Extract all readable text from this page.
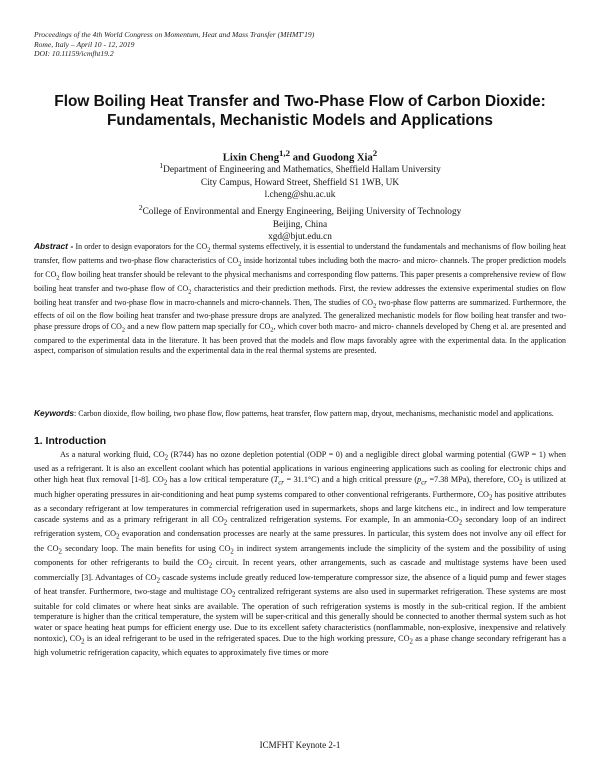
Proceedings of the 4th World Congress on Momentum, Heat and Mass Transfer (MHMT'19)
Rome, Italy – April 10 - 12, 2019
DOI: 10.11159/icmfht19.2
Flow Boiling Heat Transfer and Two-Phase Flow of Carbon Dioxide:
Fundamentals, Mechanistic Models and Applications
Lixin Cheng$^{1,2}$ and Guodong Xia$^2$
$^1$Department of Engineering and Mathematics, Sheffield Hallam University
City Campus, Howard Street, Sheffield S1 1WB, UK
l.cheng@shu.ac.uk
$^2$College of Environmental and Energy Engineering, Beijing University of Technology
Beijing, China
xgd@bjut.edu.cn
Abstract - In order to design evaporators for the $CO_2$ thermal systems effectively, it is essential to understand the fundamentals and mechanisms of flow boiling heat transfer, flow patterns and two-phase flow characteristics of $CO_2$ inside horizontal tubes including both the macro- and micro- channels. The proper prediction models for $CO_2$ flow boiling heat transfer should be relevant to the physical mechanisms and corresponding flow patterns. This paper presents a comprehensive review of flow boiling heat transfer and two-phase flow of $CO_2$ characteristics and their prediction methods. First, the review addresses the extensive experimental studies on flow boiling heat transfer and two-phase flow in macro-channels and micro-channels. Then, The studies of $CO_2$ two-phase flow patterns are summarized. Furthermore, the effects of oil on the flow boiling heat transfer and two-phase pressure drops are analyzed. The generalized mechanistic models for flow boiling heat transfer and two-phase pressure drops of $CO_2$ and a new flow pattern map specially for $CO_2$, which cover both macro- and micro- channels developed by Cheng et al. are presented and compared to the experimental data in the literature. It has been proved that the models and flow maps favorably agree with the experimental data. In the application aspect, comparison of simulation results and the experimental data in the real thermal systems are presented.
Keywords: Carbon dioxide, flow boiling, two phase flow, flow patterns, heat transfer, flow pattern map, dryout, mechanisms, mechanistic model and applications.
1. Introduction

As a natural working fluid, $CO_2$ (R744) has no ozone depletion potential (ODP = 0) and a negligible direct global warming potential (GWP = 1) when used as a refrigerant. It is also an excellent coolant which has potential applications in various engineering applications such as cooling for electronic chips and other high heat flux removal [1-8]. $CO_2$ has a low critical temperature $(T_{cr} = 31.1^\circ C)$ and a high critical pressure ($p_{cr} =7.38$ MPa), therefore, $CO_2$ is utilized at much higher operating pressures in air-conditioning and heat pump systems compared to other conventional refrigerants. Furthermore, $CO_2$ has positive attributes as a secondary refrigerant at low temperatures in commercial refrigeration used in supermarkets, shops and large kitchens etc., in indirect and low temperature cascade systems and as a primary refrigerant in all $CO_2$ centralized refrigeration systems. For example, In an ammonia-$CO_2$ secondary loop of an indirect refrigeration system, $CO_2$ evaporation and condensation processes are nearly at the same pressures. In particular, this system does not involve any oil effect for the $CO_2$ secondary loop. The main benefits for using $CO_2$ in indirect system arrangements include the simplicity of the system and the possibility of using components for other refrigerants to build the $CO_2$ circuit. In recent years, other arrangements, such as cascade and multistage systems have been used commercially [3]. Advantages of $CO_2$ cascade systems include greatly reduced low-temperature compressor size, the absence of a liquid pump and fewer stages of heat transfer. Furthermore, two-stage and multistage $CO_2$ centralized refrigerant systems are also used in supermarket refrigeration. These systems are most suitable for cold climates or where heat sinks are available. The operation of such refrigeration systems is mostly in the sub-critical region. If the ambient temperature is higher than the critical temperature, the system will be super-critical and this generally should be connected to another thermal system such as hot water or space heating heat pumps for efficient energy use. Due to its excellent safety characteristics (nonflammable, non-explosive, inexpensive and relatively nontoxic), $CO_2$ is an ideal refrigerant to be used in the refrigerated spaces. Due to the high working pressure, $CO_2$ as a phase change secondary refrigerant has a high volumetric refrigeration capacity, which equates to approximately five times or more

ICMFHT Keynote 2-1
